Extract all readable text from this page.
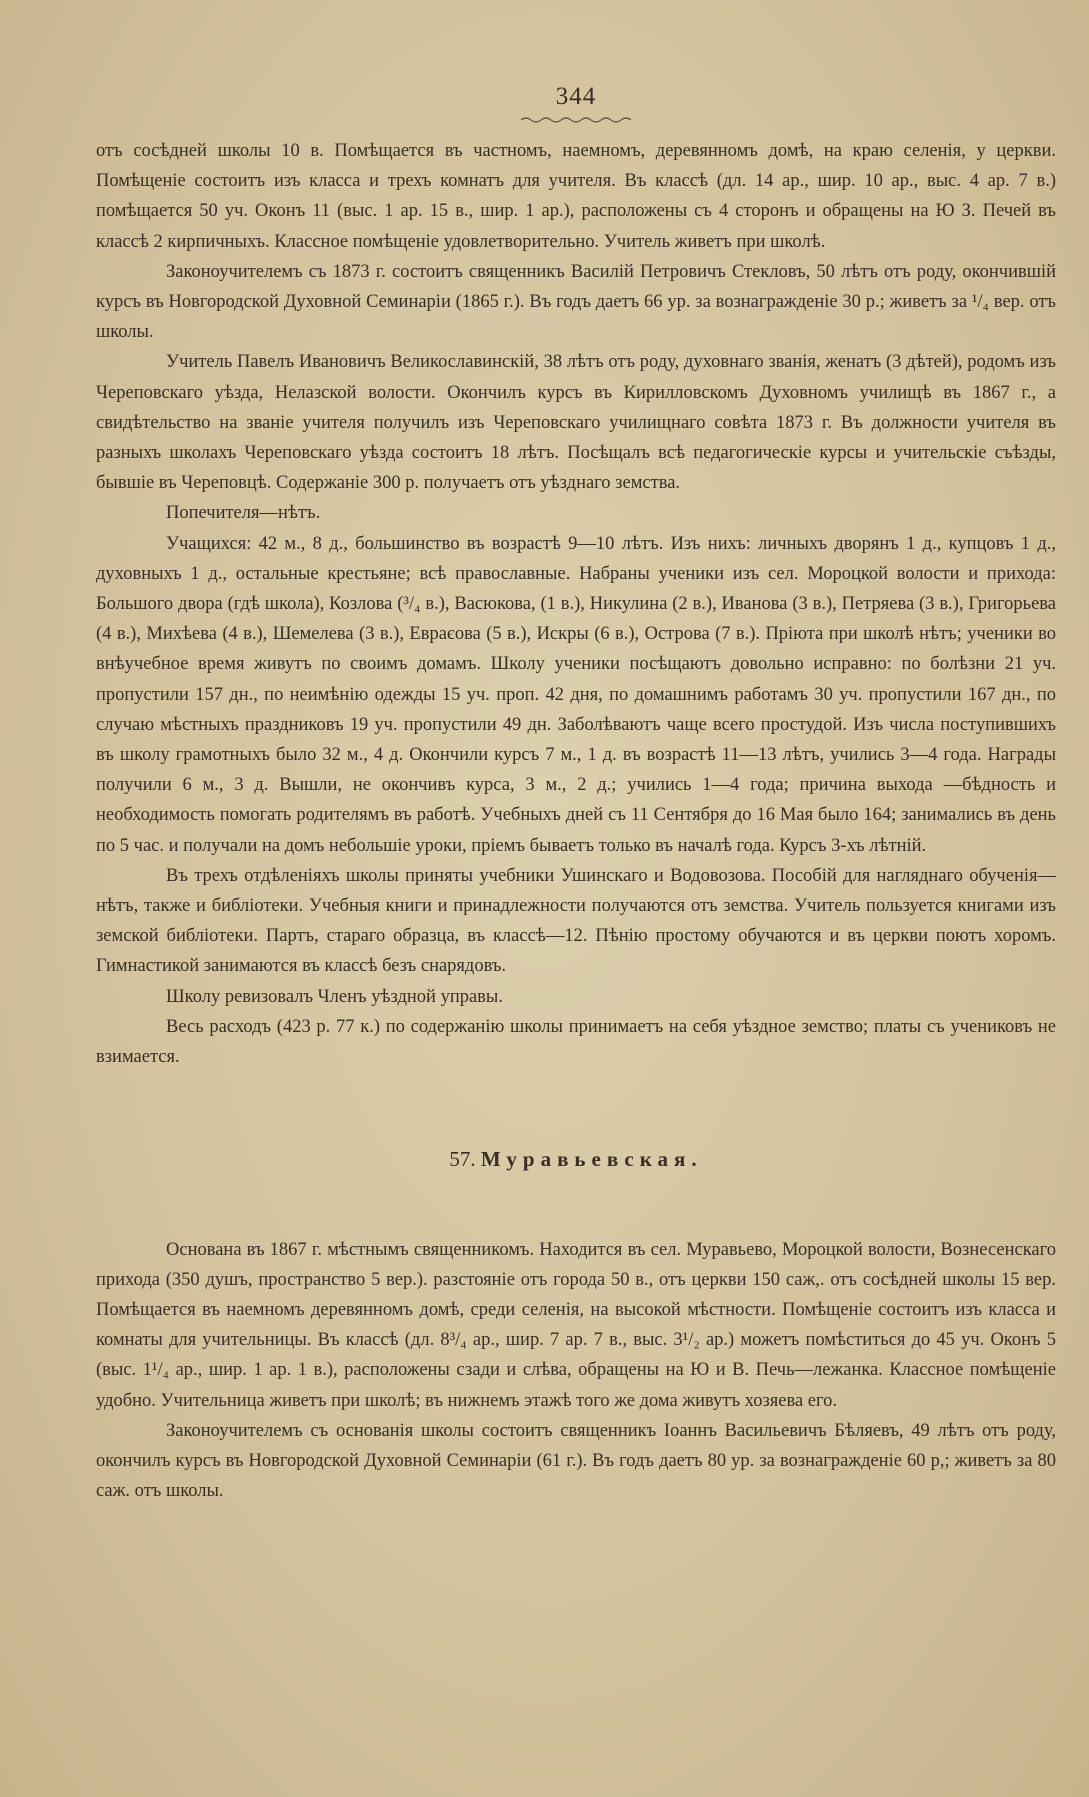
344

отъ сосѣдней школы 10 в. Помѣщается въ частномъ, наемномъ, деревянномъ домѣ, на краю селенія, у церкви. Помѣщеніе состоитъ изъ класса и трехъ комнатъ для учителя. Въ классѣ (дл. 14 ар., шир. 10 ар., выс. 4 ар. 7 в.) помѣщается 50 уч. Оконъ 11 (выс. 1 ар. 15 в., шир. 1 ар.), расположены съ 4 сторонъ и обращены на Ю З. Печей въ классѣ 2 кирпичныхъ. Классное помѣщеніе удовлетворительно. Учитель живетъ при школѣ.

Законоучителемъ съ 1873 г. состоитъ священникъ Василій Петровичъ Стекловъ, 50 лѣтъ отъ роду, окончившій курсъ въ Новгородской Духовной Семинаріи (1865 г.). Въ годъ даетъ 66 ур. за вознагражденіе 30 р.; живетъ за ¹/₄ вер. отъ школы.

Учитель Павелъ Ивановичъ Великославинскій, 38 лѣтъ отъ роду, духовнаго званія, женатъ (3 дѣтей), родомъ изъ Череповскаго уѣзда, Нелазской волости. Окончилъ курсъ въ Кирилловскомъ Духовномъ училищѣ въ 1867 г., а свидѣтельство на званіе учителя получилъ изъ Череповскаго училищнаго совѣта 1873 г. Въ должности учителя въ разныхъ школахъ Череповскаго уѣзда состоитъ 18 лѣтъ. Посѣщалъ всѣ педагогическіе курсы и учительскіе съѣзды, бывшіе въ Череповцѣ. Содержаніе 300 р. получаетъ отъ уѣзднаго земства.

Попечителя—нѣтъ.

Учащихся: 42 м., 8 д., большинство въ возрастѣ 9—10 лѣтъ. Изъ нихъ: личныхъ дворянъ 1 д., купцовъ 1 д., духовныхъ 1 д., остальные крестьяне; всѣ православные. Набраны ученики изъ сел. Мороцкой волости и прихода: Большого двора (гдѣ школа), Козлова (³/₄ в.), Васюкова, (1 в.), Никулина (2 в.), Иванова (3 в.), Петряева (3 в.), Григорьева (4 в.), Михѣева (4 в.), Шемелева (3 в.), Евраєова (5 в.), Искры (6 в.), Острова (7 в.). Пріюта при школѣ нѣтъ; ученики во внѣучебное время живутъ по своимъ домамъ. Школу ученики посѣщаютъ довольно исправно: по болѣзни 21 уч. пропустили 157 дн., по неимѣнію одежды 15 уч. проп. 42 дня, по домашнимъ работамъ 30 уч. пропустили 167 дн., по случаю мѣстныхъ праздниковъ 19 уч. пропустили 49 дн. Заболѣваютъ чаще всего простудой. Изъ числа поступившихъ въ школу грамотныхъ было 32 м., 4 д. Окончили курсъ 7 м., 1 д. въ возрастѣ 11—13 лѣтъ, учились 3—4 года. Награды получили 6 м., 3 д. Вышли, не окончивъ курса, 3 м., 2 д.; учились 1—4 года; причина выхода —бѣдность и необходимость помогать родителямъ въ работѣ. Учебныхъ дней съ 11 Сентября до 16 Мая было 164; занимались въ день по 5 час. и получали на домъ небольшіе уроки, пріемъ бываетъ только въ началѣ года. Курсъ 3-хъ лѣтній.

Въ трехъ отдѣленіяхъ школы приняты учебники Ушинскаго и Водовозова. Пособій для нагляднаго обученія—нѣтъ, также и библіотеки. Учебныя книги и принадлежности получаются отъ земства. Учитель пользуется книгами изъ земской библіотеки. Партъ, стараго образца, въ классѣ—12. Пѣнію простому обучаются и въ церкви поютъ хоромъ. Гимнастикой занимаются въ классѣ безъ снарядовъ.

Школу ревизовалъ Членъ уѣздной управы.

Весь расходъ (423 р. 77 к.) по содержанію школы принимаетъ на себя уѣздное земство; платы съ учениковъ не взимается.

57. Муравьевская.

Основана въ 1867 г. мѣстнымъ священникомъ. Находится въ сел. Муравьево, Мороцкой волости, Вознесенскаго прихода (350 душъ, пространство 5 вер.). разстояніе отъ города 50 в., отъ церкви 150 саж,. отъ сосѣдней школы 15 вер. Помѣщается въ наемномъ деревянномъ домѣ, среди селенія, на высокой мѣстности. Помѣщеніе состоитъ изъ класса и комнаты для учительницы. Въ классѣ (дл. 8³/₄ ар., шир. 7 ар. 7 в., выс. 3¹/₂ ар.) можетъ помѣститься до 45 уч. Оконъ 5 (выс. 1¹/₄ ар., шир. 1 ар. 1 в.), расположены сзади и слѣва, обращены на Ю и В. Печь—лежанка. Классное помѣщеніе удобно. Учительница живетъ при школѣ; въ нижнемъ этажѣ того же дома живутъ хозяева его.

Законоучителемъ съ основанія школы состоитъ священникъ Іоаннъ Васильевичъ Бѣляевъ, 49 лѣтъ отъ роду, окончилъ курсъ въ Новгородской Духовной Семинаріи (61 г.). Въ годъ даетъ 80 ур. за вознагражденіе 60 р,; живетъ за 80 саж. отъ школы.
